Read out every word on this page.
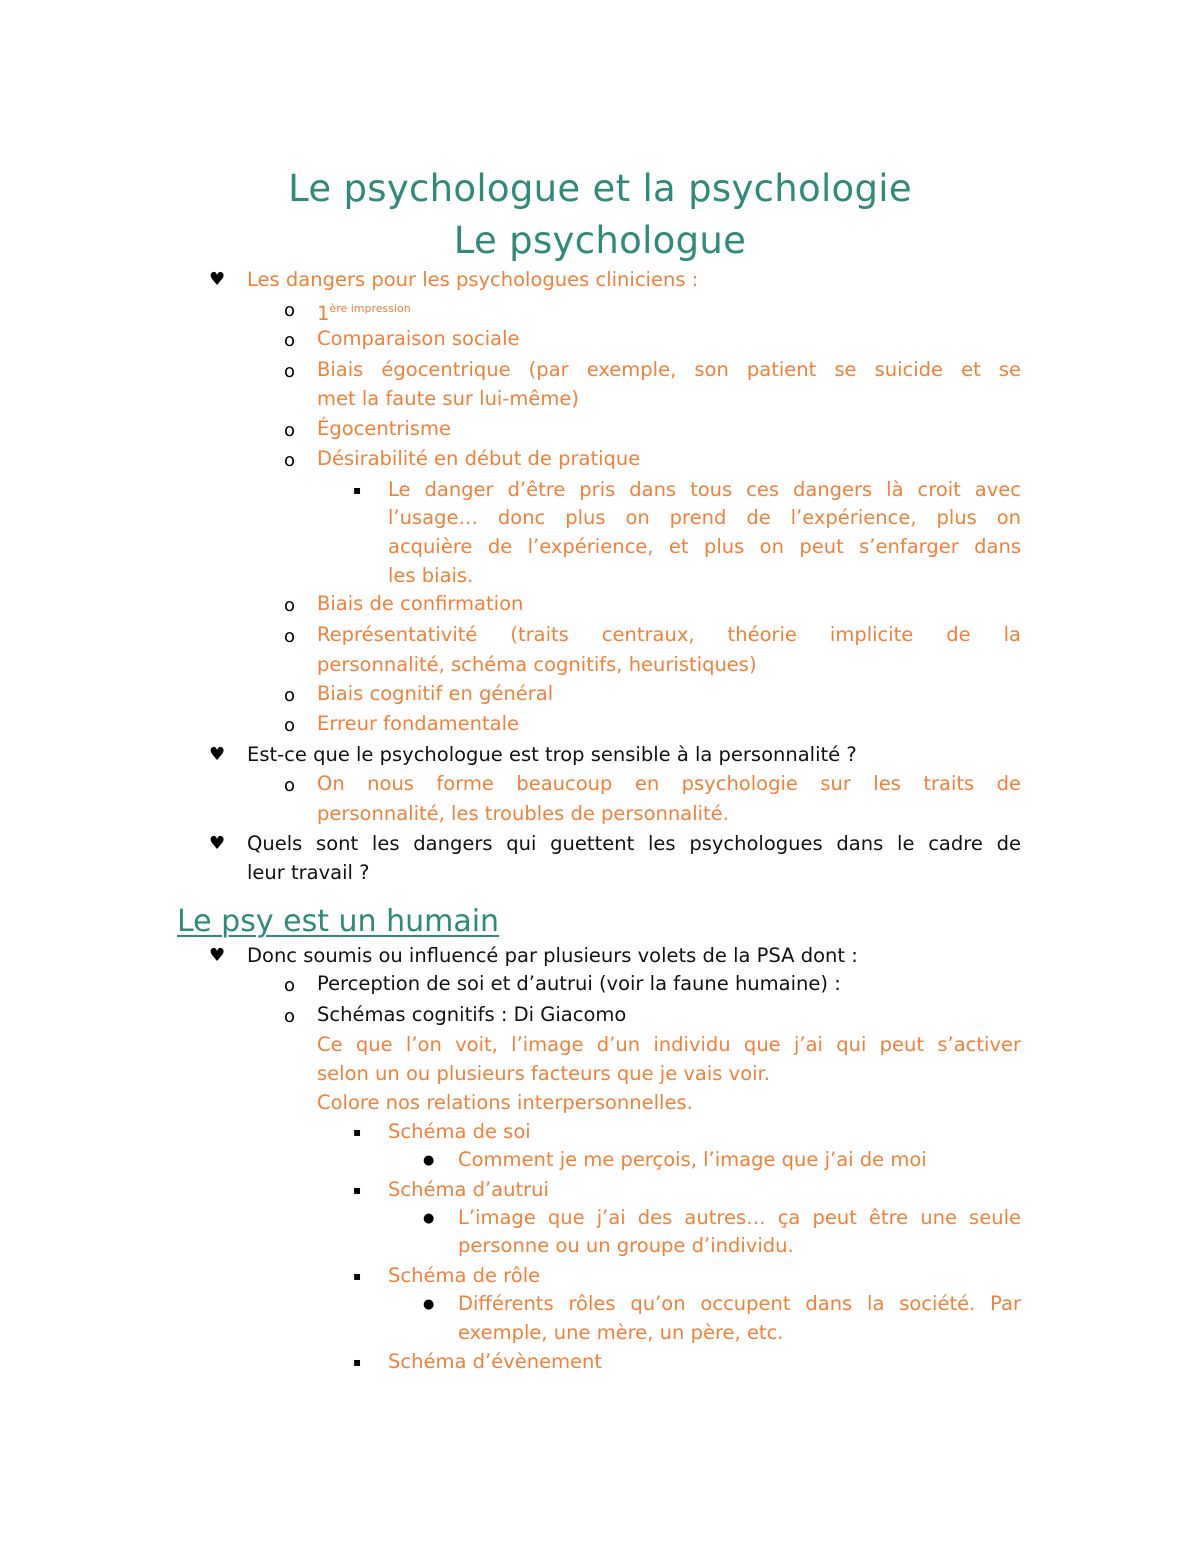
Le psychologue et la psychologie
Le psychologue
♥ Les dangers pour les psychologues cliniciens :
o $1^{ère impression}$
o Comparaison sociale
o Biais égocentrique (par exemple, son patient se suicide et se
met la faute sur lui-même)
o Égocentrisme
o Désirabilité en début de pratique
▪ Le danger d’être pris dans tous ces dangers là croit avec
l’usage… donc plus on prend de l’expérience, plus on
acquière de l’expérience, et plus on peut s’enfarger dans
les biais.
o Biais de confirmation
o Représentativité (traits centraux, théorie implicite de la
personnalité, schéma cognitifs, heuristiques)
o Biais cognitif en général
o Erreur fondamentale
♥ Est-ce que le psychologue est trop sensible à la personnalité ?
o On nous forme beaucoup en psychologie sur les traits de
personnalité, les troubles de personnalité.
♥ Quels sont les dangers qui guettent les psychologues dans le cadre de
leur travail ?
Le psy est un humain
♥ Donc soumis ou influencé par plusieurs volets de la PSA dont :
o Perception de soi et d’autrui (voir la faune humaine) :
o Schémas cognitifs : Di Giacomo
Ce que l’on voit, l’image d’un individu que j’ai qui peut s’activer
selon un ou plusieurs facteurs que je vais voir.
Colore nos relations interpersonnelles.
▪ Schéma de soi
● Comment je me perçois, l’image que j’ai de moi
▪ Schéma d’autrui
● L’image que j’ai des autres… ça peut être une seule
personne ou un groupe d’individu.
▪ Schéma de rôle
● Différents rôles qu’on occupent dans la société. Par
exemple, une mère, un père, etc.
▪ Schéma d’évènement
